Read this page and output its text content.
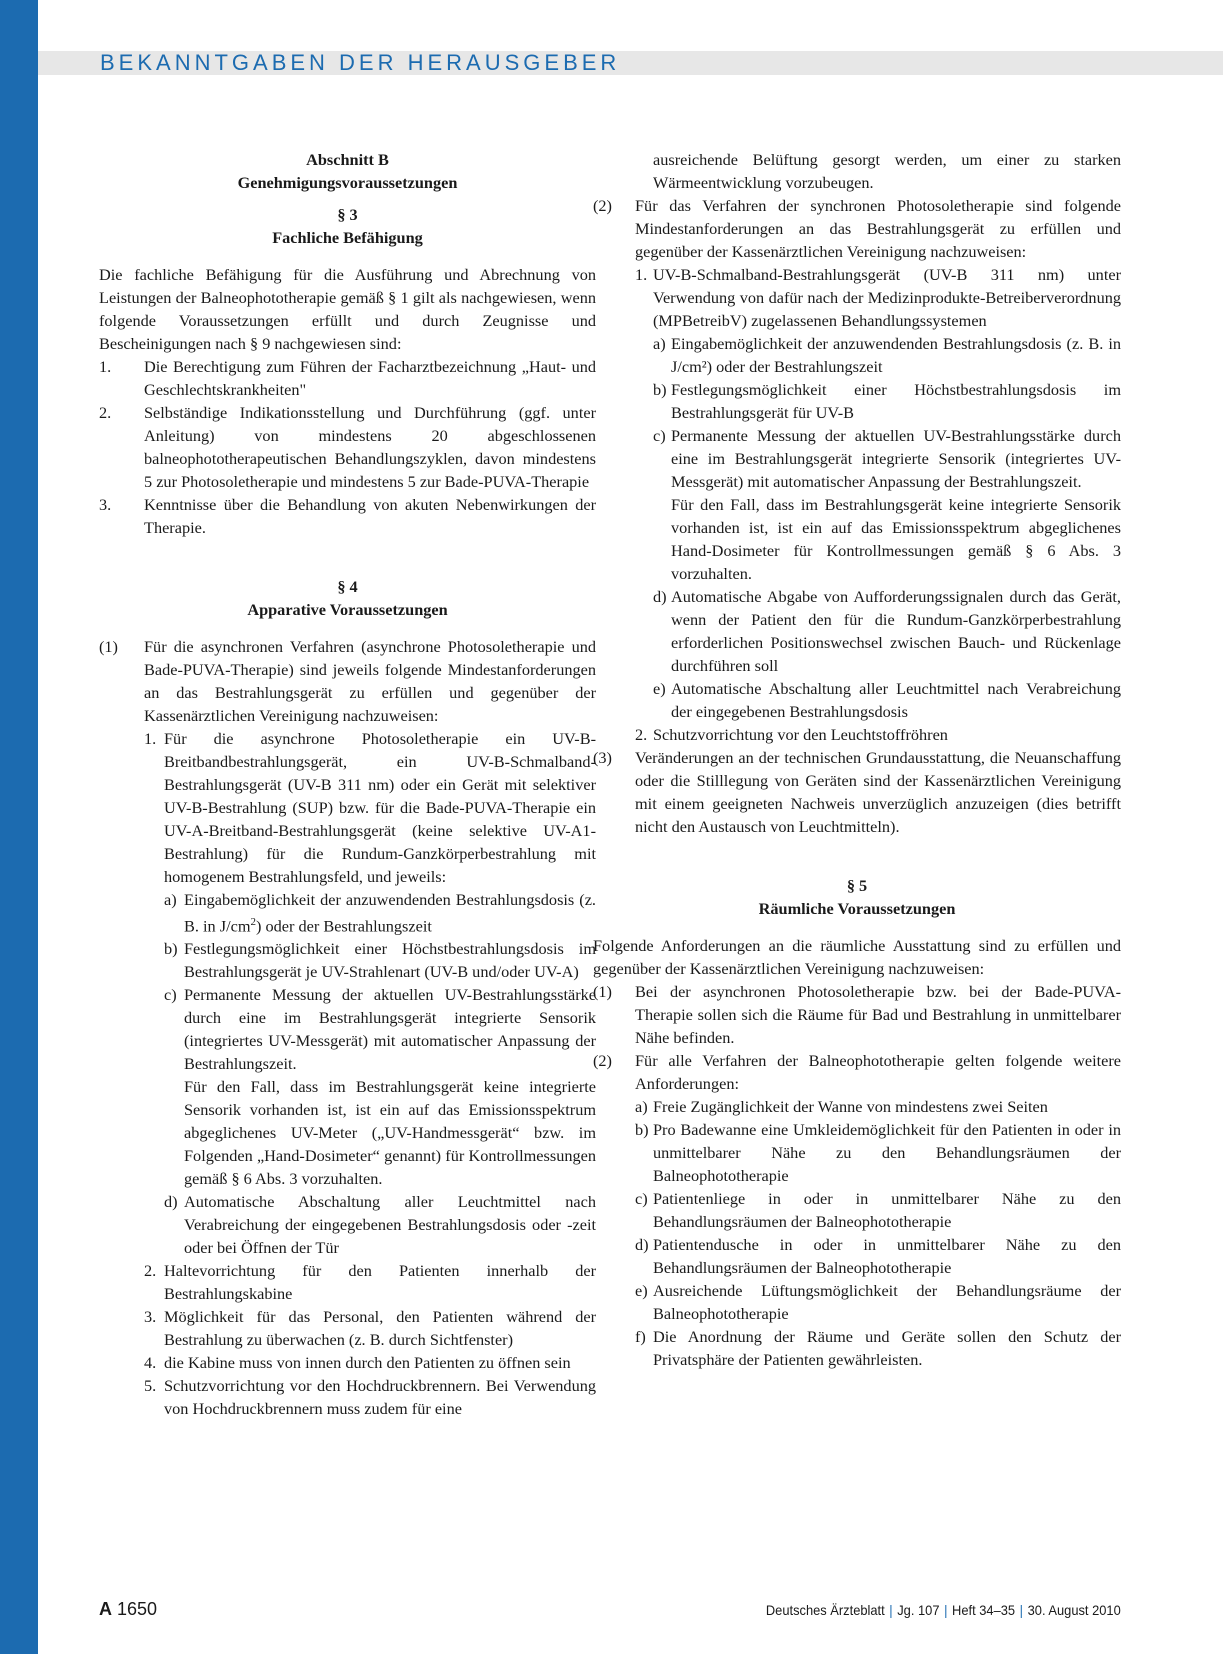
BEKANNTGABEN DER HERAUSGEBER

Abschnitt B

Genehmigungsvoraussetzungen

§ 3

Fachliche Befähigung

Die fachliche Befähigung für die Ausführung und Abrechnung von Leistungen der Balneophototherapie gemäß § 1 gilt als nachgewiesen, wenn folgende Voraussetzungen erfüllt und durch Zeugnisse und Bescheinigungen nach § 9 nachgewiesen sind:

1.	Die Berechtigung zum Führen der Facharztbezeichnung „Haut- und Geschlechtskrankheiten"
2.	Selbständige Indikationsstellung und Durchführung (ggf. unter Anleitung) von mindestens 20 abgeschlossenen balneophototherapeutischen Behandlungszyklen, davon mindestens 5 zur Photosoletherapie und mindestens 5 zur Bade-PUVA-Therapie
3.	Kenntnisse über die Behandlung von akuten Nebenwirkungen der Therapie.

§ 4

Apparative Voraussetzungen

(1)	Für die asynchronen Verfahren (asynchrone Photosoletherapie und Bade-PUVA-Therapie) sind jeweils folgende Mindestanforderungen an das Bestrahlungsgerät zu erfüllen und gegenüber der Kassenärztlichen Vereinigung nachzuweisen:
1. Für die asynchrone Photosoletherapie ein UV-B-Breitbandbestrahlungsgerät, ein UV-B-Schmalband-Bestrahlungsgerät (UV-B 311 nm) oder ein Gerät mit selektiver UV-B-Bestrahlung (SUP) bzw. für die Bade-PUVA-Therapie ein UV-A-Breitband-Bestrahlungsgerät (keine selektive UV-A1-Bestrahlung) für die Rundum-Ganzkörperbestrahlung mit homogenem Bestrahlungsfeld, und jeweils:
a) Eingabemöglichkeit der anzuwendenden Bestrahlungsdosis (z. B. in $J/cm^2$) oder der Bestrahlungszeit
b) Festlegungsmöglichkeit einer Höchstbestrahlungsdosis im Bestrahlungsgerät je UV-Strahlenart (UV-B und/oder UV-A)
c) Permanente Messung der aktuellen UV-Bestrahlungsstärke durch eine im Bestrahlungsgerät integrierte Sensorik (integriertes UV-Messgerät) mit automatischer Anpassung der Bestrahlungszeit.

Für den Fall, dass im Bestrahlungsgerät keine integrierte Sensorik vorhanden ist, ist ein auf das Emissionsspektrum abgeglichenes UV-Meter („UV-Handmessgerät“ bzw. im Folgenden „Hand-Dosimeter“ genannt) für Kontrollmessungen gemäß § 6 Abs. 3 vorzuhalten.

d) Automatische Abschaltung aller Leuchtmittel nach Verabreichung der eingegebenen Bestrahlungsdosis oder -zeit oder bei Öffnen der Tür
2. Haltevorrichtung für den Patienten innerhalb der Bestrahlungskabine
3. Möglichkeit für das Personal, den Patienten während der Bestrahlung zu überwachen (z. B. durch Sichtfenster)
4. die Kabine muss von innen durch den Patienten zu öffnen sein
5. Schutzvorrichtung vor den Hochdruckbrennern. Bei Verwendung von Hochdruckbrennern muss zudem für eine

ausreichende Belüftung gesorgt werden, um einer zu starken Wärmeentwicklung vorzubeugen.

(2)	Für das Verfahren der synchronen Photosoletherapie sind folgende Mindestanforderungen an das Bestrahlungsgerät zu erfüllen und gegenüber der Kassenärztlichen Vereinigung nachzuweisen:
1. UV-B-Schmalband-Bestrahlungsgerät (UV-B 311 nm) unter Verwendung von dafür nach der Medizinprodukte-Betreiberverordnung (MPBetreibV) zugelassenen Behandlungssystemen
a) Eingabemöglichkeit der anzuwendenden Bestrahlungsdosis (z. B. in J/cm²) oder der Bestrahlungszeit
b) Festlegungsmöglichkeit einer Höchstbestrahlungsdosis im Bestrahlungsgerät für UV-B
c) Permanente Messung der aktuellen UV-Bestrahlungsstärke durch eine im Bestrahlungsgerät integrierte Sensorik (integriertes UV-Messgerät) mit automatischer Anpassung der Bestrahlungszeit.

Für den Fall, dass im Bestrahlungsgerät keine integrierte Sensorik vorhanden ist, ist ein auf das Emissionsspektrum abgeglichenes Hand-Dosimeter für Kontrollmessungen gemäß § 6 Abs. 3 vorzuhalten.

d) Automatische Abgabe von Aufforderungssignalen durch das Gerät, wenn der Patient den für die Rundum-Ganzkörperbestrahlung erforderlichen Positionswechsel zwischen Bauch- und Rückenlage durchführen soll
e) Automatische Abschaltung aller Leuchtmittel nach Verabreichung der eingegebenen Bestrahlungsdosis
2. Schutzvorrichtung vor den Leuchtstoffröhren
(3)	Veränderungen an der technischen Grundausstattung, die Neuanschaffung oder die Stilllegung von Geräten sind der Kassenärztlichen Vereinigung mit einem geeigneten Nachweis unverzüglich anzuzeigen (dies betrifft nicht den Austausch von Leuchtmitteln).

§ 5

Räumliche Voraussetzungen

Folgende Anforderungen an die räumliche Ausstattung sind zu erfüllen und gegenüber der Kassenärztlichen Vereinigung nachzuweisen:

(1)	Bei der asynchronen Photosoletherapie bzw. bei der Bade-PUVA-Therapie sollen sich die Räume für Bad und Bestrahlung in unmittelbarer Nähe befinden.
(2)	Für alle Verfahren der Balneophototherapie gelten folgende weitere Anforderungen:
a) Freie Zugänglichkeit der Wanne von mindestens zwei Seiten
b) Pro Badewanne eine Umkleidemöglichkeit für den Patienten in oder in unmittelbarer Nähe zu den Behandlungsräumen der Balneophototherapie
c) Patientenliege in oder in unmittelbarer Nähe zu den Behandlungsräumen der Balneophototherapie
d) Patientendusche in oder in unmittelbarer Nähe zu den Behandlungsräumen der Balneophototherapie
e) Ausreichende Lüftungsmöglichkeit der Behandlungsräume der Balneophototherapie
f) Die Anordnung der Räume und Geräte sollen den Schutz der Privatsphäre der Patienten gewährleisten.
A 1650	Deutsches Ärzteblatt | Jg. 107 | Heft 34–35 | 30. August 2010
